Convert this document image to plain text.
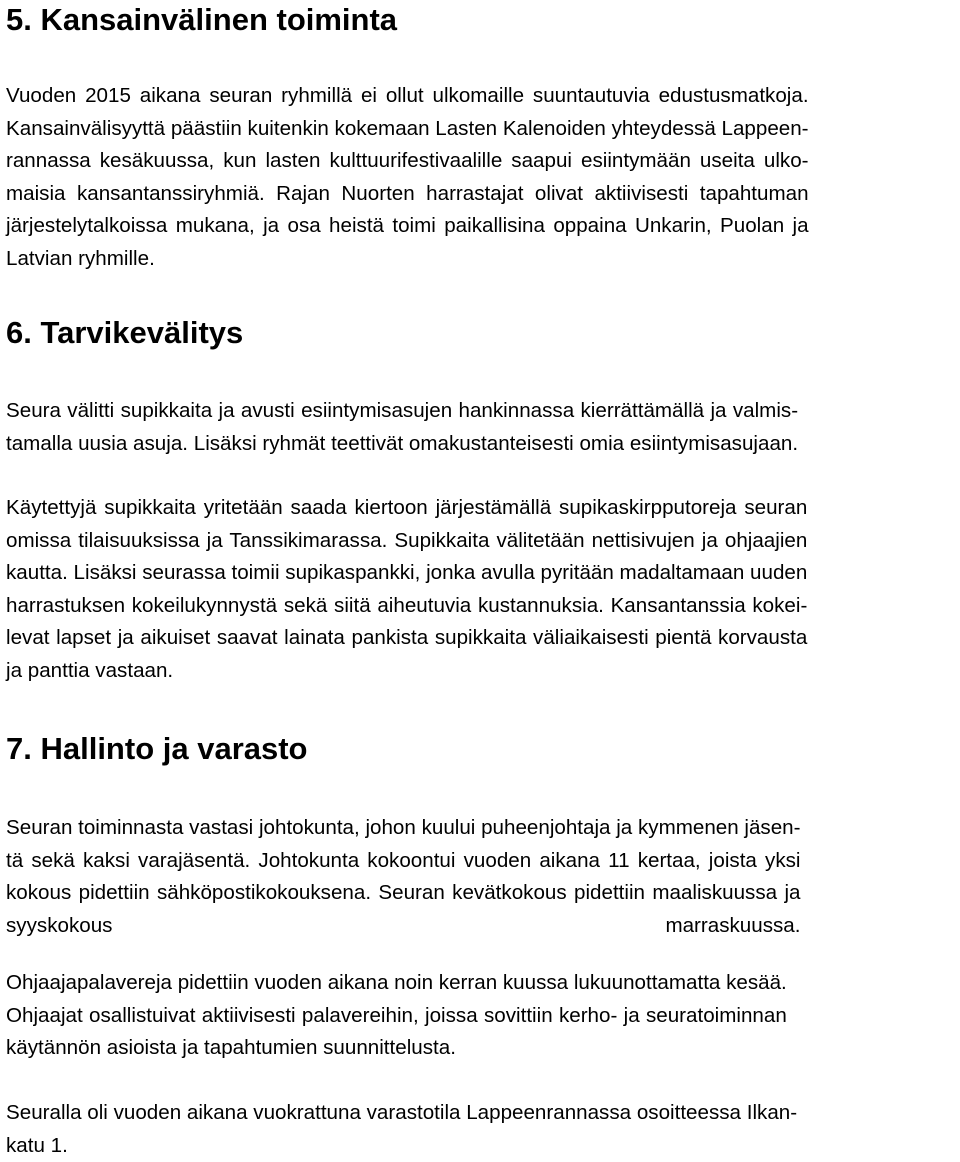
5. Kansainvälinen toiminta

Vuoden 2015 aikana seuran ryhmillä ei ollut ulkomaille suuntautuvia edustusmatkoja.
Kansainvälisyyttä päästiin kuitenkin kokemaan Lasten Kalenoiden yhteydessä Lappeen-
rannassa kesäkuussa, kun lasten kulttuurifestivaalille saapui esiintymään useita ulko-
maisia kansantanssiryhmiä. Rajan Nuorten harrastajat olivat aktiivisesti tapahtuman
järjestelytalkoissa mukana, ja osa heistä toimi paikallisina oppaina Unkarin, Puolan ja
Latvian ryhmille.

6. Tarvikevälitys

Seura välitti supikkaita ja avusti esiintymisasujen hankinnassa kierrättämällä ja valmis-
tamalla uusia asuja. Lisäksi ryhmät teettivät omakustanteisesti omia esiintymisasujaan.

Käytettyjä supikkaita yritetään saada kiertoon järjestämällä supikaskirpputoreja seuran
omissa tilaisuuksissa ja Tanssikimarassa. Supikkaita välitetään nettisivujen ja ohjaajien
kautta. Lisäksi seurassa toimii supikaspankki, jonka avulla pyritään madaltamaan uuden
harrastuksen kokeilukynnystä sekä siitä aiheutuvia kustannuksia. Kansantanssia kokei-
levat lapset ja aikuiset saavat lainata pankista supikkaita väliaikaisesti pientä korvausta
ja panttia vastaan.

7. Hallinto ja varasto

Seuran toiminnasta vastasi johtokunta, johon kuului puheenjohtaja ja kymmenen jäsen-
tä sekä kaksi varajäsentä. Johtokunta kokoontui vuoden aikana 11 kertaa, joista yksi
kokous pidettiin sähköpostikokouksena. Seuran kevätkokous pidettiin maaliskuussa ja
syyskokous marraskuussa.

Ohjaajapalavereja pidettiin vuoden aikana noin kerran kuussa lukuunottamatta kesää.
Ohjaajat osallistuivat aktiivisesti palavereihin, joissa sovittiin kerho- ja seuratoiminnan
käytännön asioista ja tapahtumien suunnittelusta.

Seuralla oli vuoden aikana vuokrattuna varastotila Lappeenrannassa osoitteessa Ilkan-
katu 1.
